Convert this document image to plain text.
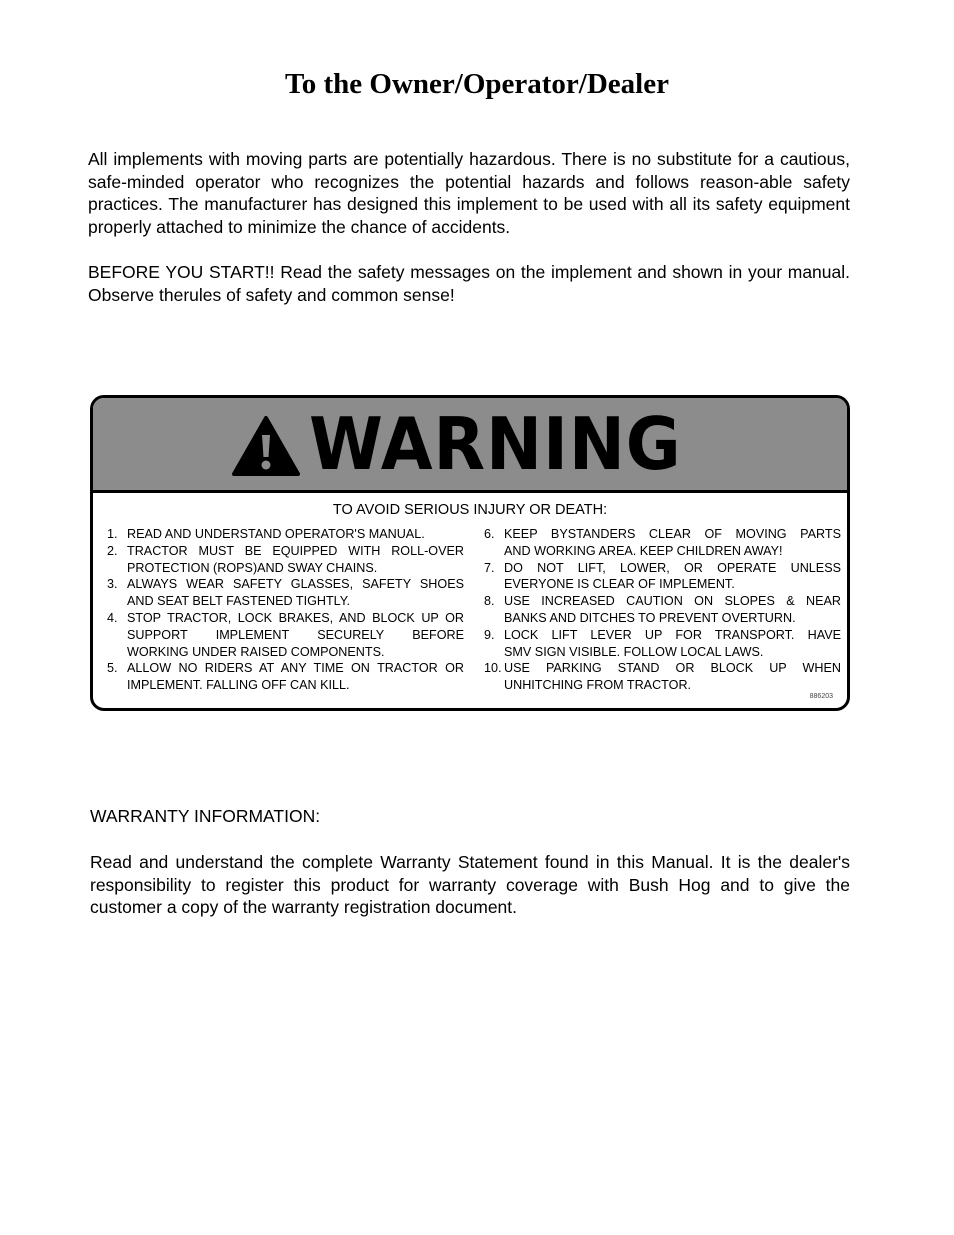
To the Owner/Operator/Dealer
All implements with moving parts are potentially hazardous. There is no substitute for a cautious, safe-minded operator who recognizes the potential hazards and follows reason-able safety practices. The manufacturer has designed this implement to be used with all its safety equipment properly attached to minimize the chance of accidents.
BEFORE YOU START!! Read the safety messages on the implement and shown in your manual. Observe therules of safety and common sense!
WARNING
TO AVOID SERIOUS INJURY OR DEATH:
1. READ AND UNDERSTAND OPERATOR'S MANUAL.
2. TRACTOR MUST BE EQUIPPED WITH ROLL-OVER
PROTECTION (ROPS)AND SWAY CHAINS.
3. ALWAYS WEAR SAFETY GLASSES, SAFETY SHOES
AND SEAT BELT FASTENED TIGHTLY.
4. STOP TRACTOR, LOCK BRAKES, AND BLOCK UP OR
SUPPORT IMPLEMENT SECURELY BEFORE
WORKING UNDER RAISED COMPONENTS.
5. ALLOW NO RIDERS AT ANY TIME ON TRACTOR OR
IMPLEMENT. FALLING OFF CAN KILL.
6. KEEP BYSTANDERS CLEAR OF MOVING PARTS
AND WORKING AREA. KEEP CHILDREN AWAY!
7. DO NOT LIFT, LOWER, OR OPERATE UNLESS
EVERYONE IS CLEAR OF IMPLEMENT.
8. USE INCREASED CAUTION ON SLOPES & NEAR
BANKS AND DITCHES TO PREVENT OVERTURN.
9. LOCK LIFT LEVER UP FOR TRANSPORT. HAVE
SMV SIGN VISIBLE. FOLLOW LOCAL LAWS.
10. USE PARKING STAND OR BLOCK UP WHEN
UNHITCHING FROM TRACTOR.
886203
WARRANTY INFORMATION:
Read and understand the complete Warranty Statement found in this Manual. It is the dealer's responsibility to register this product for warranty coverage with Bush Hog and to give the customer a copy of the warranty registration document.
